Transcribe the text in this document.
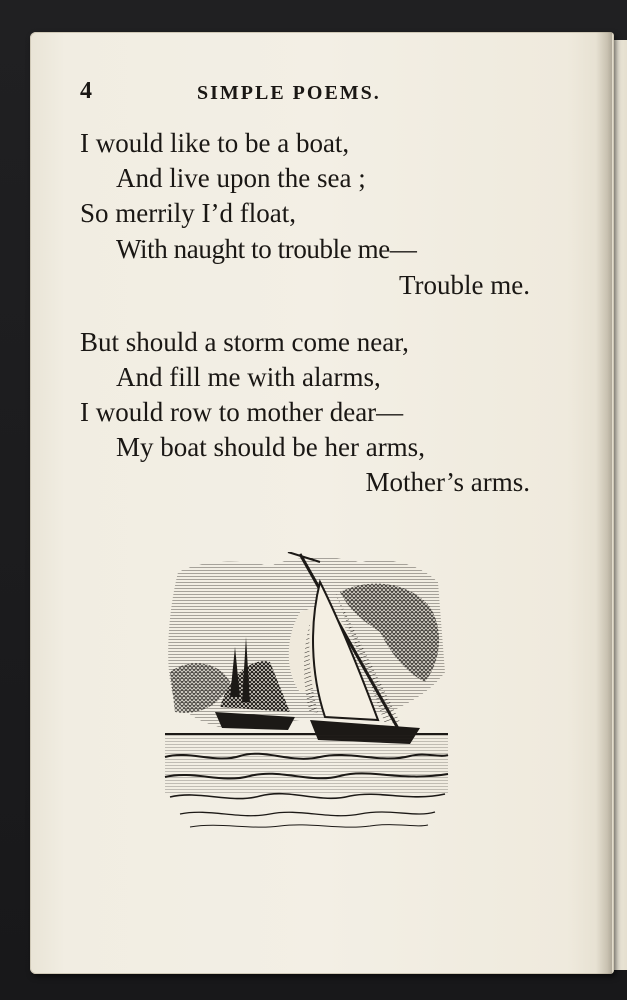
4	SIMPLE POEMS.
I would like to be a boat,
And live upon the sea ;
So merrily I’d float,
With naught to trouble me—
Trouble me.
But should a storm come near,
And fill me with alarms,
I would row to mother dear—
My boat should be her arms,
Mother’s arms.
